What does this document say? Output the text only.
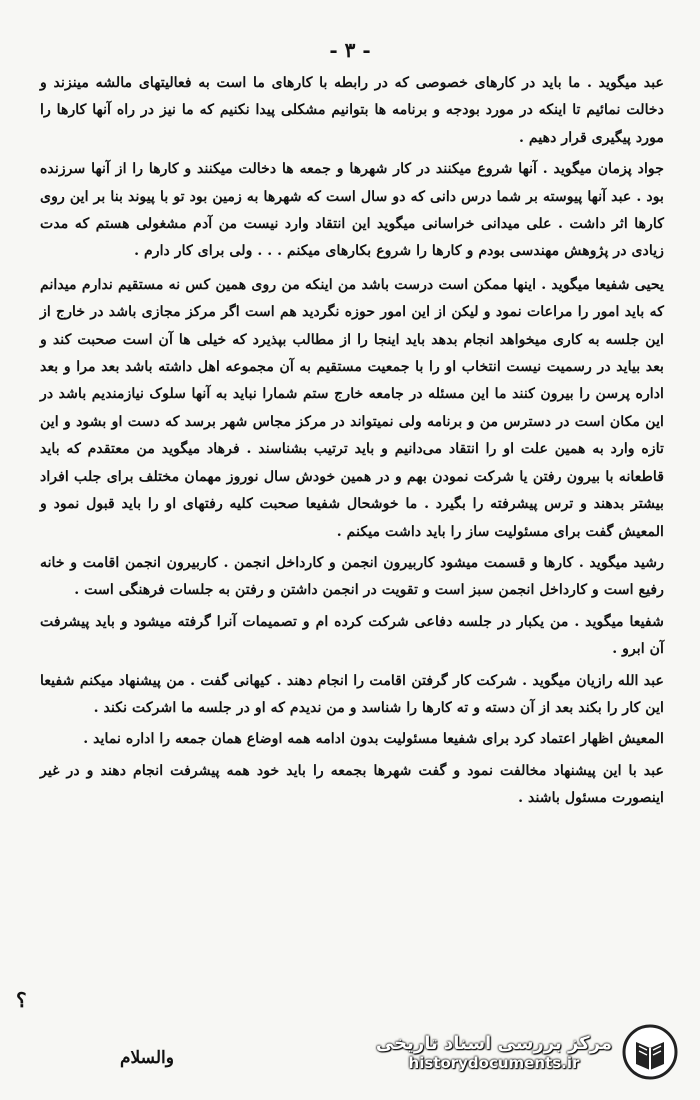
- ۳ -

عبد میگوید . ما باید در کارهای خصوصی که در رابطه با کارهای ما است به فعالیتهای مالشه مینزند و دخالت نمائیم تا اینکه در مورد بودجه و برنامه ها بتوانیم مشکلی پیدا نکنیم که ما نیز در راه آنها کارها را مورد پیگیری قرار دهیم .

جواد پزمان میگوید . آنها شروع میکنند در کار شهرها و جمعه ها دخالت میکنند و کارها را از آنها سرزنده بود . عبد آنها پیوسته بر شما درس دانی که دو سال است که شهرها به زمین بود تو با پیوند بنا بر این روی کارها اثر داشت . علی میدانی خراسانی میگوید این انتقاد وارد نیست من آدم مشغولی هستم که مدت زیادی در پژوهش مهندسی بودم و کارها را شروع بکارهای میکنم . . . ولی برای کار دارم .

یحیی شفیعا میگوید . اینها ممکن است درست باشد من اینکه من روی همین کس نه مستقیم ندارم میدانم که باید امور را مراعات نمود و لیکن از این امور حوزه نگردید هم است اگر مرکز مجازی باشد در خارج از این جلسه به کاری میخواهد انجام بدهد باید اینجا را از مطالب بپذیرد که خیلی ها آن است صحبت کند و بعد بیاید در رسمیت نیست انتخاب او را با جمعیت مستقیم به آن مجموعه اهل داشته باشد بعد مرا و بعد اداره پرسن را بیرون کنند ما این مسئله در جامعه خارج ستم شمارا نباید به آنها سلوک نیازمندیم باشد در این مکان است در دسترس من و برنامه ولی نمیتواند در مرکز مجاس شهر برسد که دست او بشود و این تازه وارد به همین علت او را انتقاد می‌دانیم و باید ترتیب بشناسند . فرهاد میگوید من معتقدم که باید قاطعانه با بیرون رفتن یا شرکت نمودن بهم و در همین خودش سال نوروز مهمان مختلف برای جلب افراد بیشتر بدهند و ترس پیشرفته را بگیرد . ما خوشحال شفیعا صحبت کلیه رفتهای او را باید قبول نمود و المعیش گفت برای مسئولیت ساز را باید داشت میکنم .

رشید میگوید . کارها و قسمت میشود کاربیرون انجمن و کارداخل انجمن . کاربیرون انجمن اقامت و خانه رفیع است و کارداخل انجمن سبز است و تقویت در انجمن داشتن و رفتن به جلسات فرهنگی است .

شفیعا میگوید . من یکبار در جلسه دفاعی شرکت کرده ام و تصمیمات آنرا گرفته میشود و باید پیشرفت آن ابرو .

عبد الله رازیان میگوید . شرکت کار گرفتن اقامت را انجام دهند . کیهانی گفت . من پیشنهاد میکنم شفیعا این کار را بکند بعد از آن دسته و ته کارها را شناسد و من ندیدم که او در جلسه ما اشرکت نکند .

المعیش اظهار اعتماد کرد برای شفیعا مسئولیت بدون ادامه همه اوضاع همان جمعه را اداره نماید .

عبد با این پیشنهاد مخالفت نمود و گفت شهرها بجمعه را باید خود همه پیشرفت انجام دهند و در غیر اینصورت مسئول باشند .

؟
والسلام
مرکز بررسی اسناد تاریخی
historydocuments.ir
